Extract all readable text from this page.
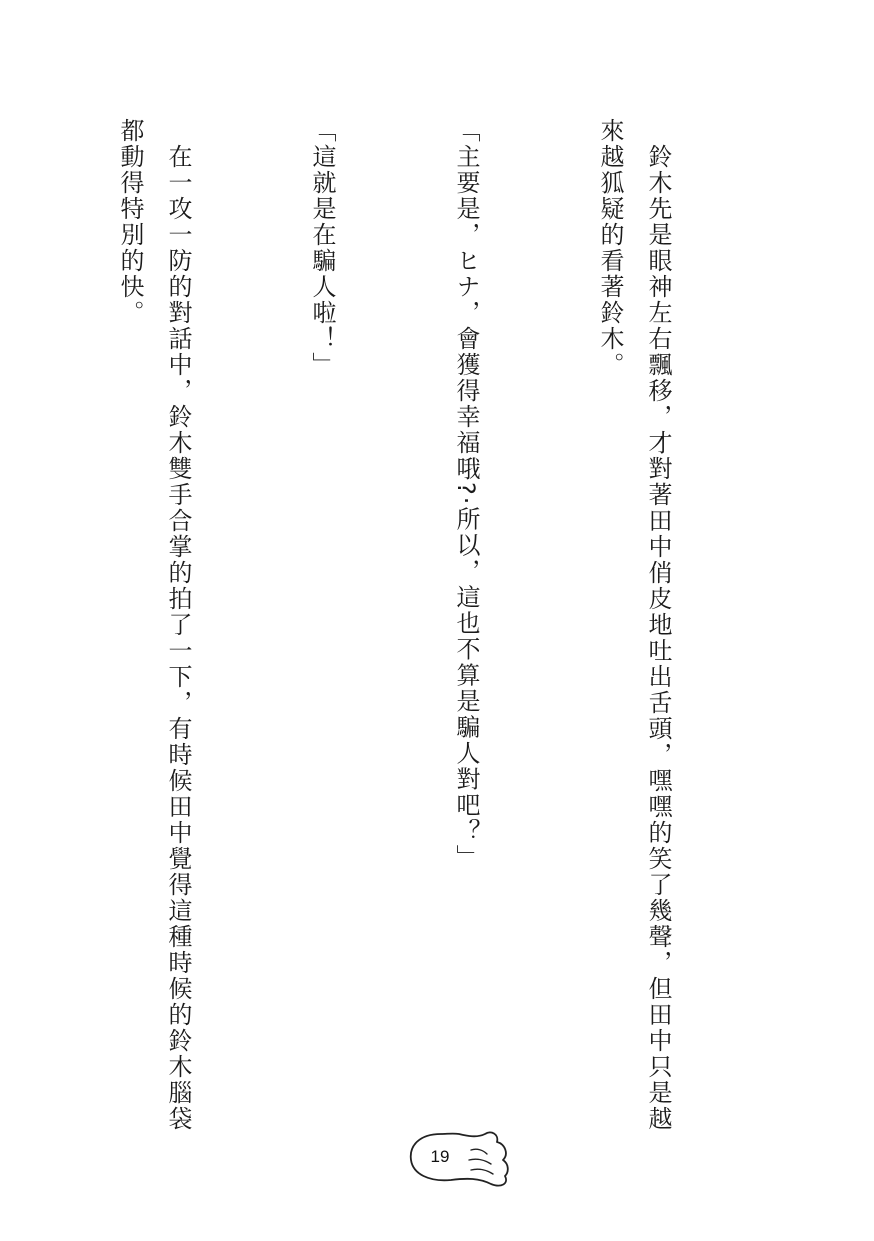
　鈴木先是眼神左右飄移，才對著田中俏皮地吐出舌頭，嘿嘿的笑了幾聲，但田中只是越來越狐疑的看著鈴木。

「主要是，ヒナ，會獲得幸福哦?·所以，這也不算是騙人對吧？」

「這就是在騙人啦！」

　在一攻一防的對話中，鈴木雙手合掌的拍了一下，有時候田中覺得這種時候的鈴木腦袋都動得特別的快。

19
